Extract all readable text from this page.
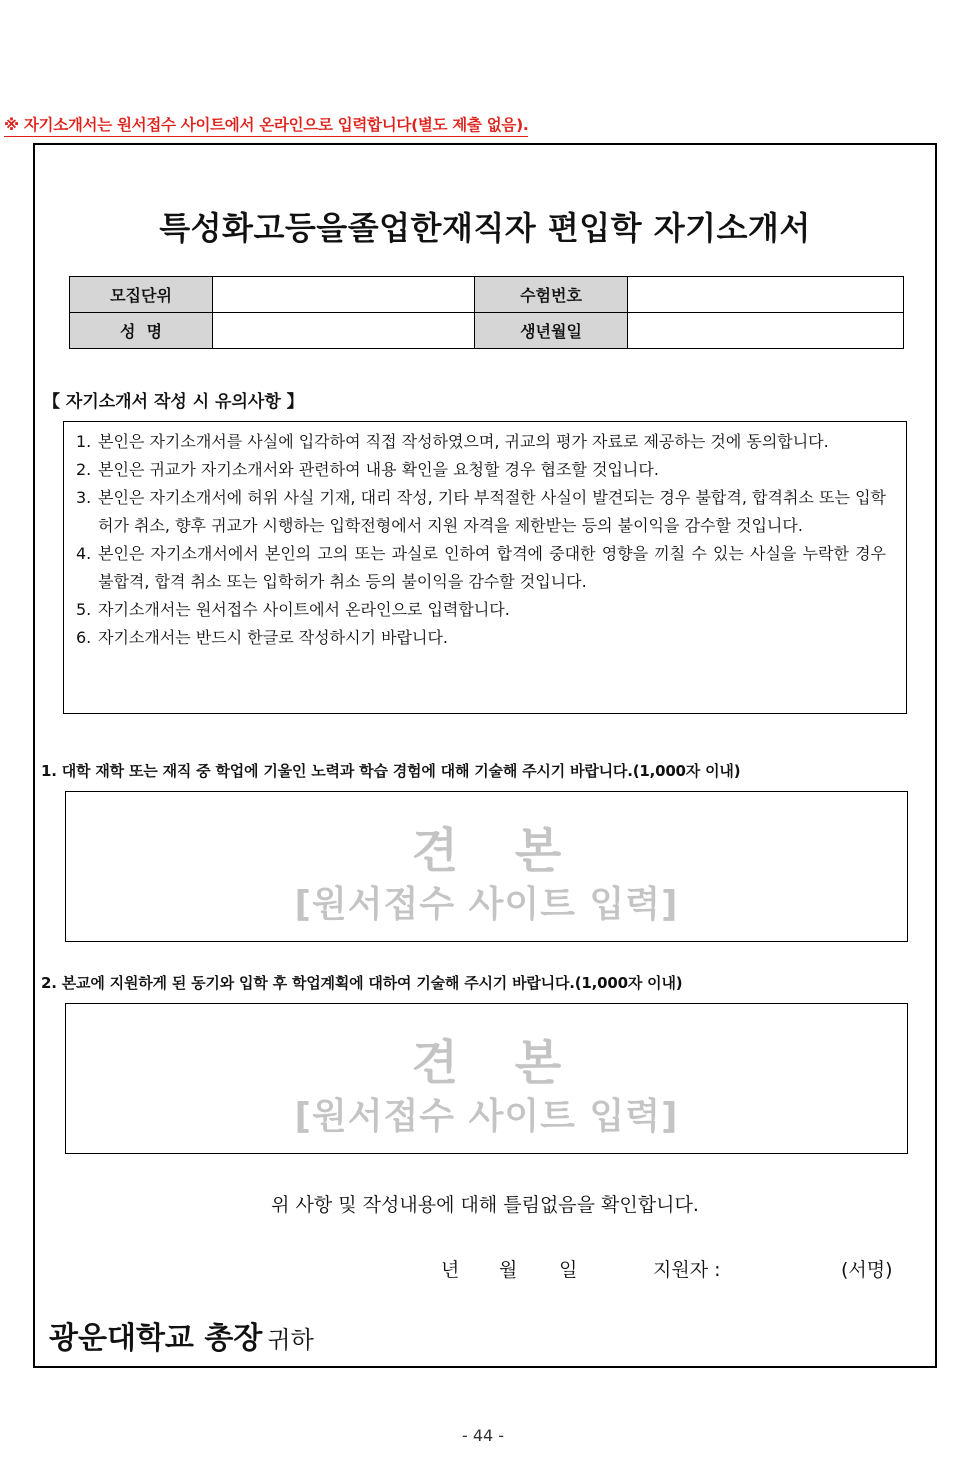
※ 자기소개서는 원서접수 사이트에서 온라인으로 입력합니다(별도 제출 없음).
특성화고등을졸업한재직자 편입학 자기소개서
모집단위		수험번호	
성  명		생년월일	
【 자기소개서 작성 시 유의사항 】
1. 본인은 자기소개서를 사실에 입각하여 직접 작성하였으며, 귀교의 평가 자료로 제공하는 것에 동의합니다.
2. 본인은 귀교가 자기소개서와 관련하여 내용 확인을 요청할 경우 협조할 것입니다.
3. 본인은 자기소개서에 허위 사실 기재, 대리 작성, 기타 부적절한 사실이 발견되는 경우 불합격, 합격취소 또는 입학허가 취소, 향후 귀교가 시행하는 입학전형에서 지원 자격을 제한받는 등의 불이익을 감수할 것입니다.
4. 본인은 자기소개서에서 본인의 고의 또는 과실로 인하여 합격에 중대한 영향을 끼칠 수 있는 사실을 누락한 경우 불합격, 합격 취소 또는 입학허가 취소 등의 불이익을 감수할 것입니다.
5. 자기소개서는 원서접수 사이트에서 온라인으로 입력합니다.
6. 자기소개서는 반드시 한글로 작성하시기 바랍니다.
1. 대학 재학 또는 재직 중 학업에 기울인 노력과 학습 경험에 대해 기술해 주시기 바랍니다.(1,000자 이내)
견 본
[원서접수 사이트 입력]
2. 본교에 지원하게 된 동기와 입학 후 학업계획에 대하여 기술해 주시기 바랍니다.(1,000자 이내)
견 본
[원서접수 사이트 입력]
위 사항 및 작성내용에 대해 틀림없음을 확인합니다.
년 월 일	지원자 :	(서명)
광운대학교 총장 귀하
- 44 -
